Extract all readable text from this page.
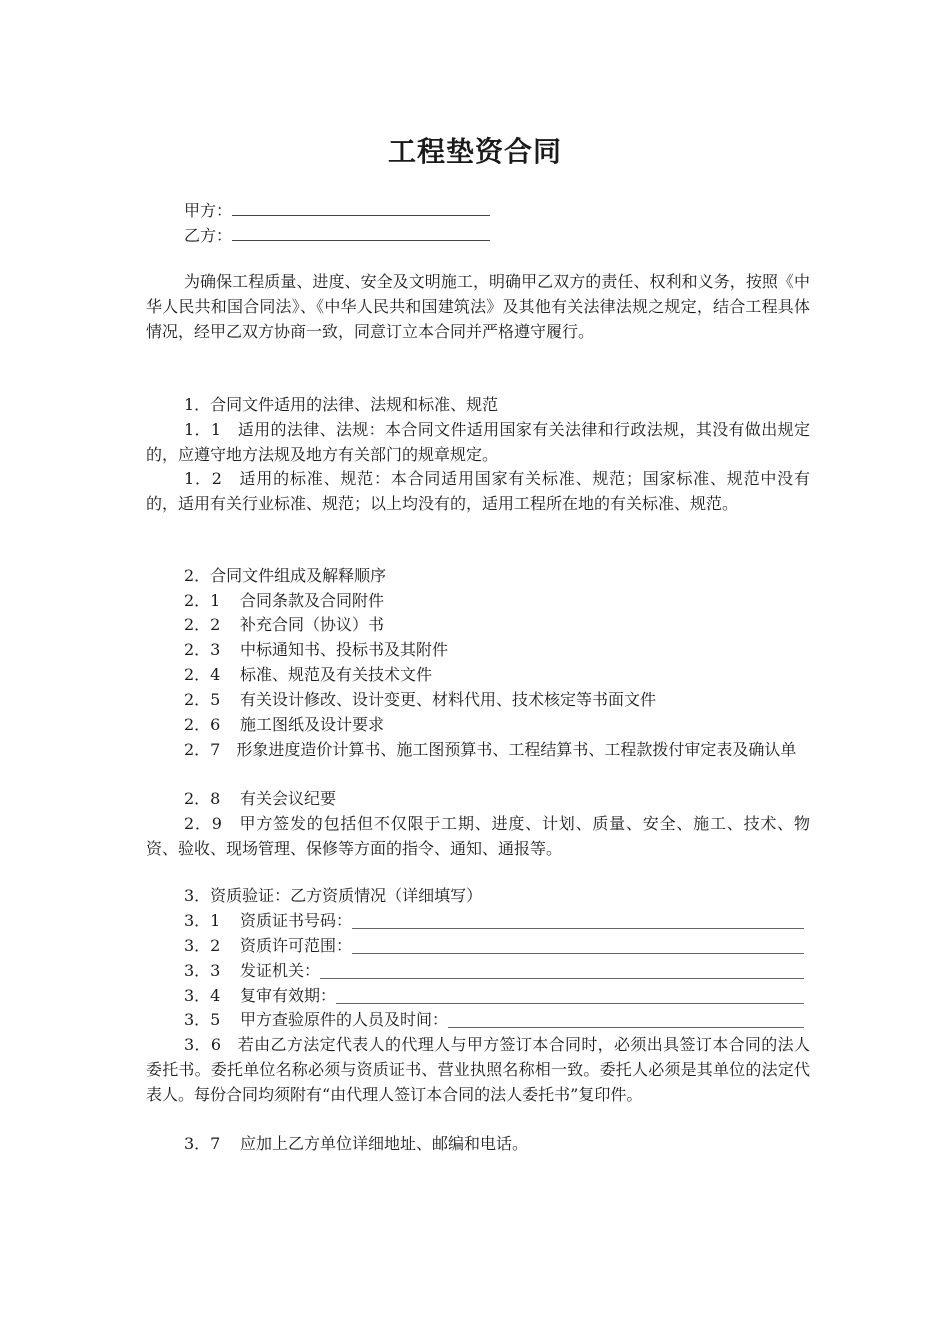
工程垫资合同
甲方：
乙方：

为确保工程质量、进度、安全及文明施工，明确甲乙双方的责任、权利和义务，按照《中华人民共和国合同法》、《中华人民共和国建筑法》及其他有关法律法规之规定，结合工程具体情况，经甲乙双方协商一致，同意订立本合同并严格遵守履行。

1．合同文件适用的法律、法规和标准、规范

1．1　适用的法律、法规：本合同文件适用国家有关法律和行政法规，其没有做出规定的，应遵守地方法规及地方有关部门的规章规定。

1．2　适用的标准、规范：本合同适用国家有关标准、规范；国家标准、规范中没有的，适用有关行业标准、规范；以上均没有的，适用工程所在地的有关标准、规范。

2．合同文件组成及解释顺序
2．1 合同条款及合同附件
2．2 补充合同（协议）书
2．3 中标通知书、投标书及其附件
2．4 标准、规范及有关技术文件
2．5 有关设计修改、设计变更、材料代用、技术核定等书面文件
2．6 施工图纸及设计要求

2．7　形象进度造价计算书、施工图预算书、工程结算书、工程款拨付审定表及确认单

2．8 有关会议纪要

2．9　甲方签发的包括但不仅限于工期、进度、计划、质量、安全、施工、技术、物资、验收、现场管理、保修等方面的指令、通知、通报等。

3．资质验证：乙方资质情况（详细填写）
3．1	资质证书号码：
3．2	资质许可范围：
3．3	发证机关：
3．4	复审有效期：
3．5	甲方查验原件的人员及时间：

3．6　若由乙方法定代表人的代理人与甲方签订本合同时，必须出具签订本合同的法人委托书。委托单位名称必须与资质证书、营业执照名称相一致。委托人必须是其单位的法定代表人。每份合同均须附有“由代理人签订本合同的法人委托书”复印件。

3．7 应加上乙方单位详细地址、邮编和电话。
